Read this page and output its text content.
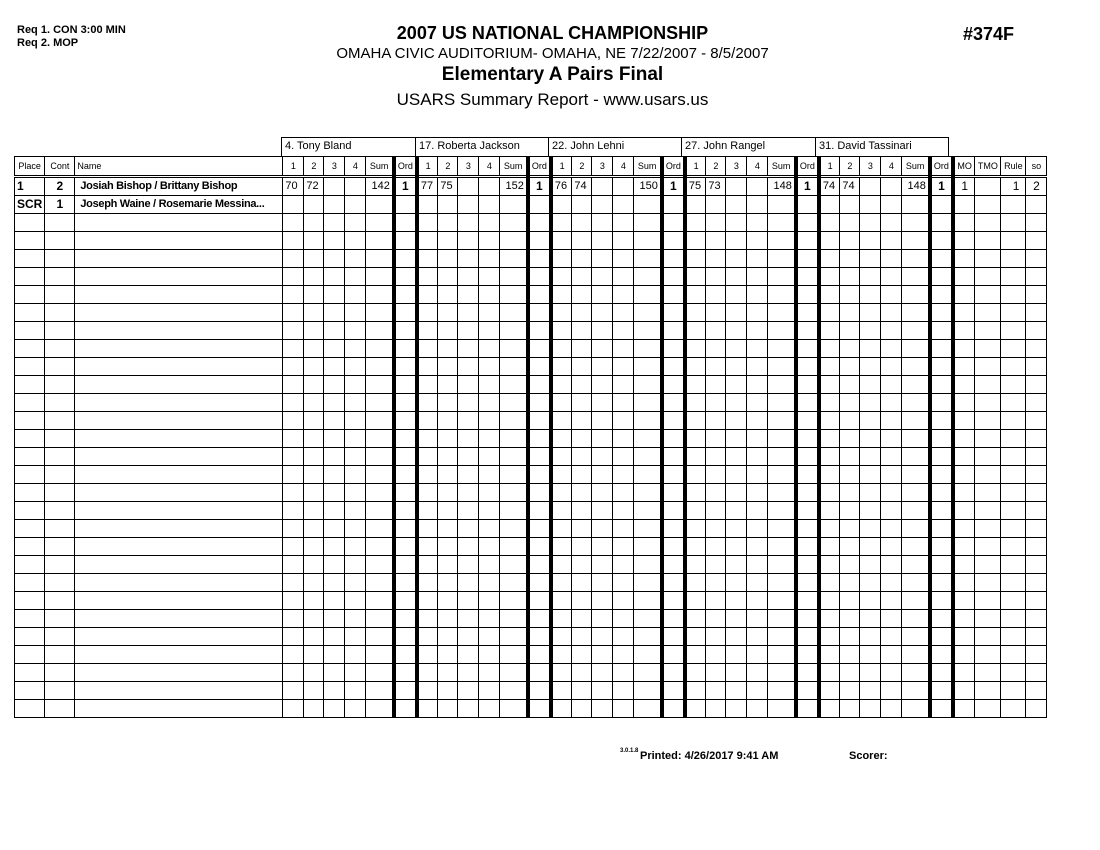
Req 1. CON 3:00 MIN
Req 2. MOP	2007 US NATIONAL CHAMPIONSHIP
OMAHA CIVIC AUDITORIUM- OMAHA, NE 7/22/2007 - 8/5/2007
Elementary A Pairs Final
USARS Summary Report - www.usars.us
#374F
4. Tony Bland	17. Roberta Jackson	22. John Lehni	27. John Rangel	31. David Tassinari
Place	Cont	Name	1	2	3	4	Sum	Ord	1	2	3	4	Sum	Ord	1	2	3	4	Sum	Ord	1	2	3	4	Sum	Ord	1	2	3	4	Sum	Ord	MO	TMO	Rule	so
1	2	Josiah Bishop / Brittany Bishop	70	72			142	1	77	75			152	1	76	74			150	1	75	73			148	1	74	74			148	1	1		1	2
SCR	1	Joseph Waine / Rosemarie Messina...																																		

3.0.1.8 Printed: 4/26/2017 9:41 AM	Scorer:
